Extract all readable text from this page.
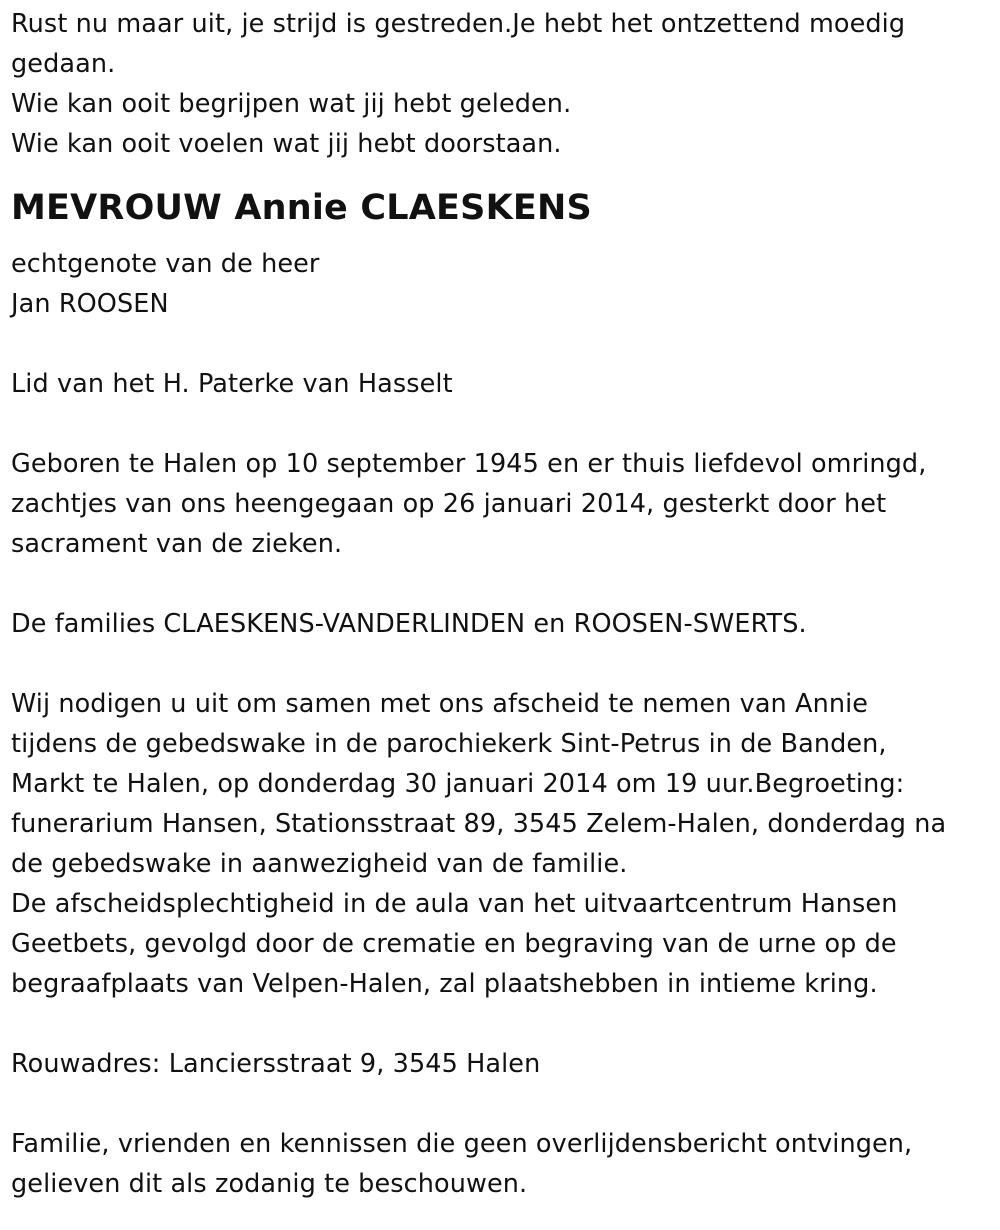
Rust nu maar uit, je strijd is gestreden.Je hebt het ontzettend moedig
gedaan.
Wie kan ooit begrijpen wat jij hebt geleden.
Wie kan ooit voelen wat jij hebt doorstaan.
MEVROUW Annie CLAESKENS
echtgenote van de heer
Jan ROOSEN
Lid van het H. Paterke van Hasselt
Geboren te Halen op 10 september 1945 en er thuis liefdevol omringd,
zachtjes van ons heengegaan op 26 januari 2014, gesterkt door het
sacrament van de zieken.
De families CLAESKENS-VANDERLINDEN en ROOSEN-SWERTS.
Wij nodigen u uit om samen met ons afscheid te nemen van Annie
tijdens de gebedswake in de parochiekerk Sint-Petrus in de Banden,
Markt te Halen, op donderdag 30 januari 2014 om 19 uur.Begroeting:
funerarium Hansen, Stationsstraat 89, 3545 Zelem-Halen, donderdag na
de gebedswake in aanwezigheid van de familie.
De afscheidsplechtigheid in de aula van het uitvaartcentrum Hansen
Geetbets, gevolgd door de crematie en begraving van de urne op de
begraafplaats van Velpen-Halen, zal plaatshebben in intieme kring.
Rouwadres: Lanciersstraat 9, 3545 Halen
Familie, vrienden en kennissen die geen overlijdensbericht ontvingen,
gelieven dit als zodanig te beschouwen.
